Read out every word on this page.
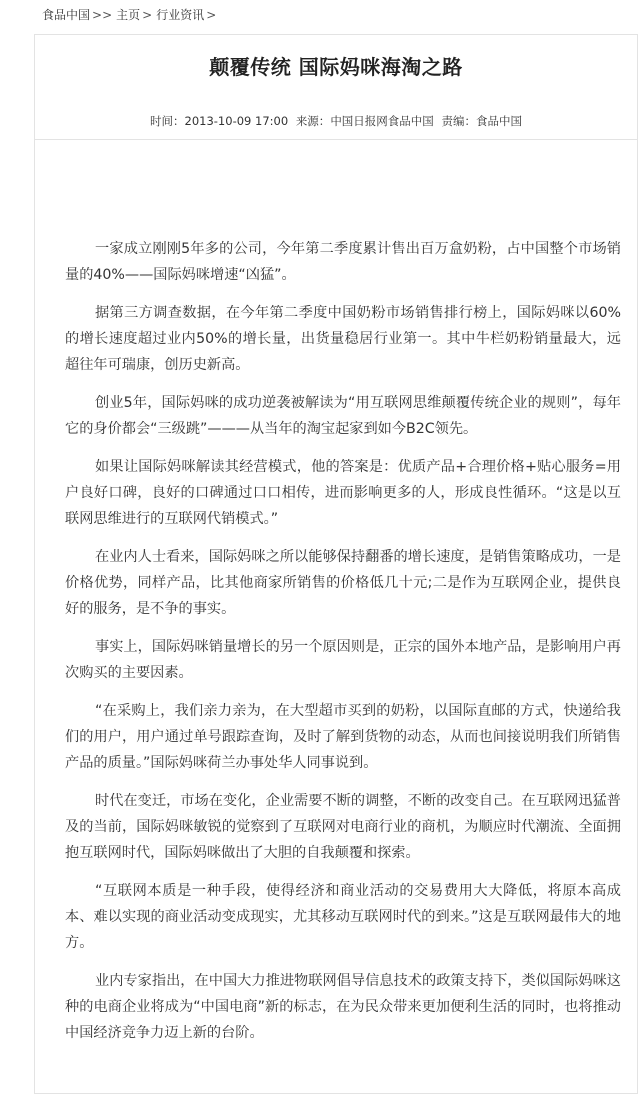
食品中国 >> 主页 > 行业资讯 >
颠覆传统 国际妈咪海淘之路
时间：2013-10-09 17:00 来源：中国日报网食品中国 责编：食品中国

一家成立刚刚5年多的公司，今年第二季度累计售出百万盒奶粉，占中国整个市场销量的40%——国际妈咪增速“凶猛”。

据第三方调查数据，在今年第二季度中国奶粉市场销售排行榜上，国际妈咪以60%的增长速度超过业内50%的增长量，出货量稳居行业第一。其中牛栏奶粉销量最大，远超往年可瑞康，创历史新高。

创业5年，国际妈咪的成功逆袭被解读为“用互联网思维颠覆传统企业的规则”，每年它的身价都会“三级跳”———从当年的淘宝起家到如今B2C领先。

如果让国际妈咪解读其经营模式，他的答案是：优质产品+合理价格+贴心服务=用户良好口碑，良好的口碑通过口口相传，进而影响更多的人，形成良性循环。“这是以互联网思维进行的互联网代销模式。”

在业内人士看来，国际妈咪之所以能够保持翻番的增长速度，是销售策略成功，一是价格优势，同样产品，比其他商家所销售的价格低几十元;二是作为互联网企业，提供良好的服务，是不争的事实。

事实上，国际妈咪销量增长的另一个原因则是，正宗的国外本地产品，是影响用户再次购买的主要因素。

“在采购上，我们亲力亲为，在大型超市买到的奶粉，以国际直邮的方式，快递给我们的用户，用户通过单号跟踪查询，及时了解到货物的动态，从而也间接说明我们所销售产品的质量。”国际妈咪荷兰办事处华人同事说到。

时代在变迁，市场在变化，企业需要不断的调整，不断的改变自己。在互联网迅猛普及的当前，国际妈咪敏锐的觉察到了互联网对电商行业的商机，为顺应时代潮流、全面拥抱互联网时代，国际妈咪做出了大胆的自我颠覆和探索。

“互联网本质是一种手段，使得经济和商业活动的交易费用大大降低，将原本高成本、难以实现的商业活动变成现实，尤其移动互联网时代的到来。”这是互联网最伟大的地方。

业内专家指出，在中国大力推进物联网倡导信息技术的政策支持下，类似国际妈咪这种的电商企业将成为“中国电商”新的标志，在为民众带来更加便利生活的同时，也将推动中国经济竞争力迈上新的台阶。
